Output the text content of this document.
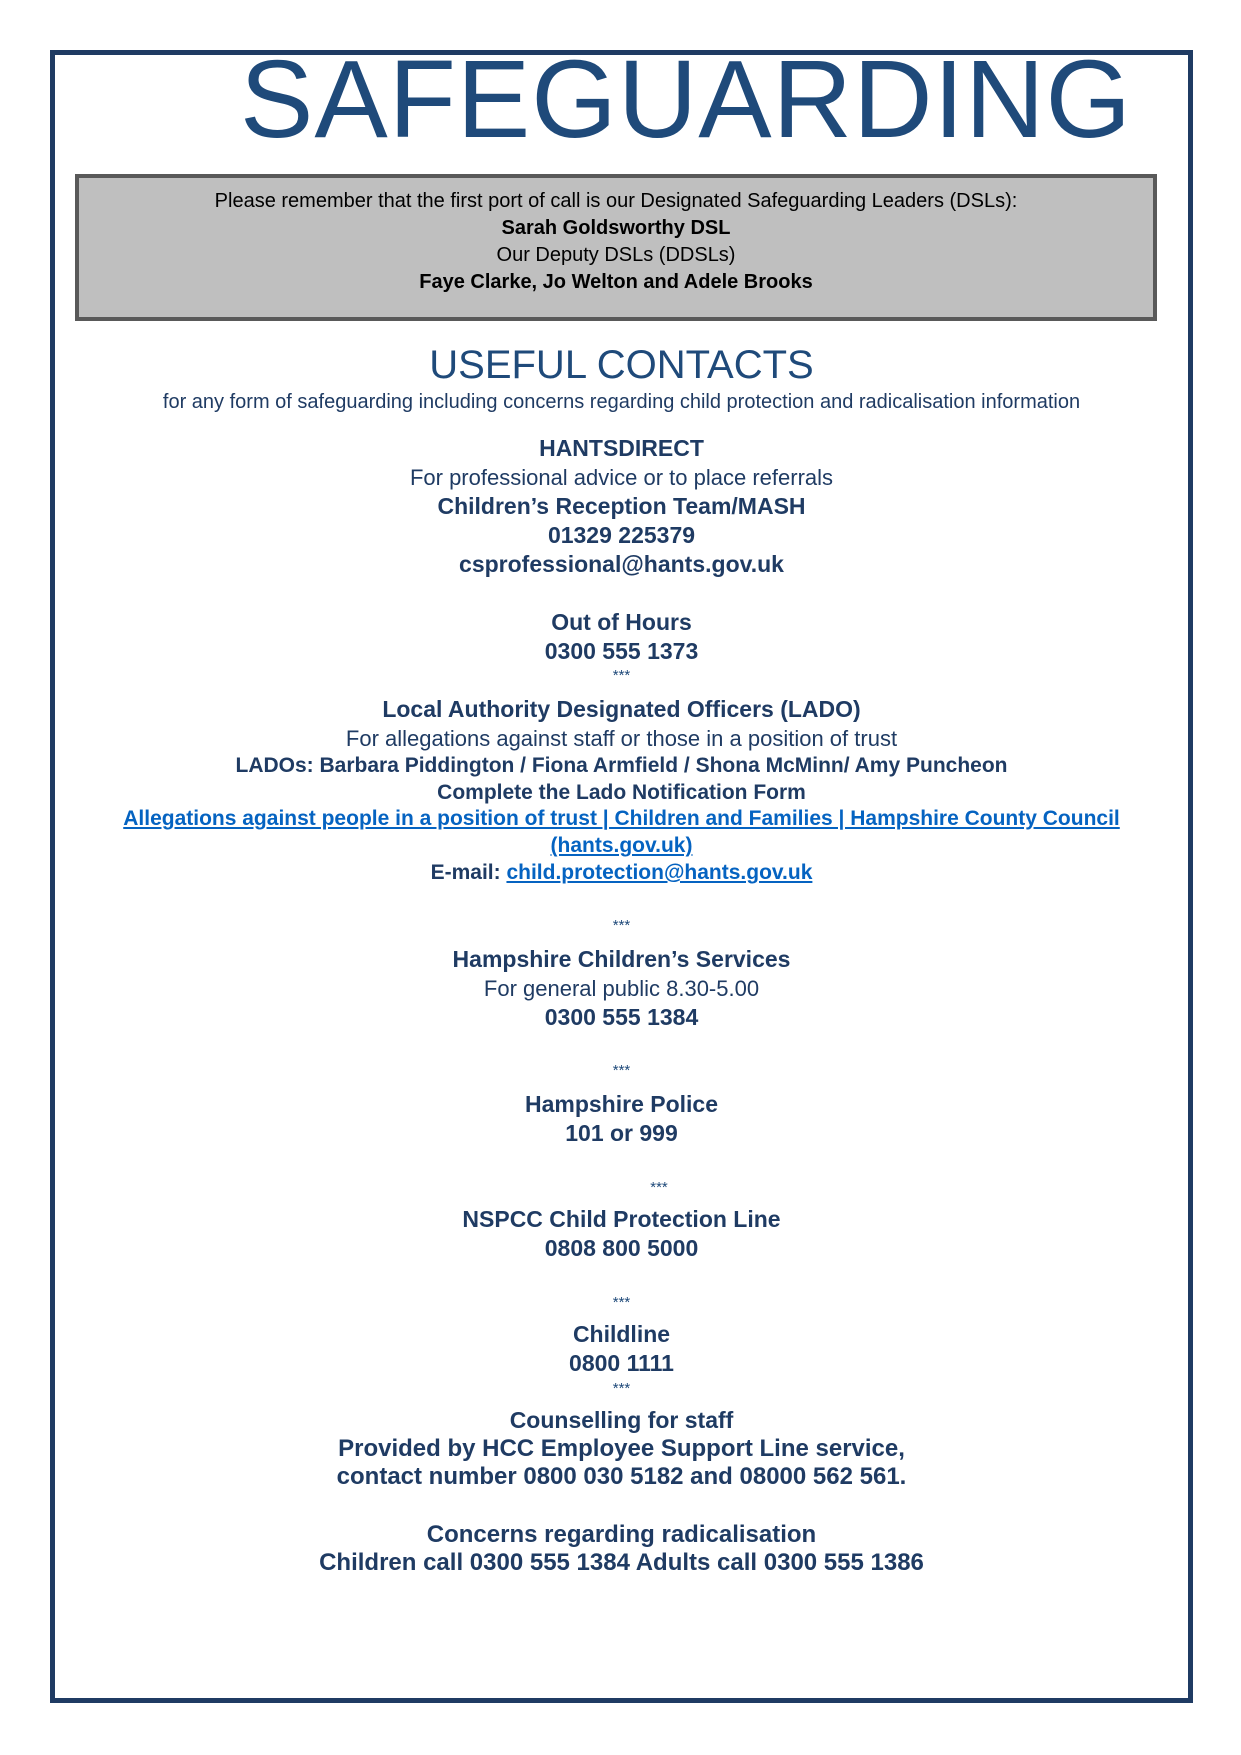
SAFEGUARDING
Please remember that the first port of call is our Designated Safeguarding Leaders (DSLs):
Sarah Goldsworthy DSL
Our Deputy DSLs (DDSLs)
Faye Clarke, Jo Welton and Adele Brooks
USEFUL CONTACTS
for any form of safeguarding including concerns regarding child protection and radicalisation information
HANTSDIRECT
For professional advice or to place referrals
Children’s Reception Team/MASH
01329 225379
csprofessional@hants.gov.uk
Out of Hours
0300 555 1373
***
Local Authority Designated Officers (LADO)
For allegations against staff or those in a position of trust
LADOs: Barbara Piddington / Fiona Armfield / Shona McMinn/ Amy Puncheon
Complete the Lado Notification Form
Allegations against people in a position of trust | Children and Families | Hampshire County Council
(hants.gov.uk)
E-mail: child.protection@hants.gov.uk
***
Hampshire Children’s Services
For general public 8.30-5.00
0300 555 1384
***
Hampshire Police
101 or 999
***
NSPCC Child Protection Line
0808 800 5000
***
Childline
0800 1111
***
Counselling for staff
Provided by HCC Employee Support Line service,
contact number 0800 030 5182 and 08000 562 561.
Concerns regarding radicalisation
Children call 0300 555 1384 Adults call 0300 555 1386
